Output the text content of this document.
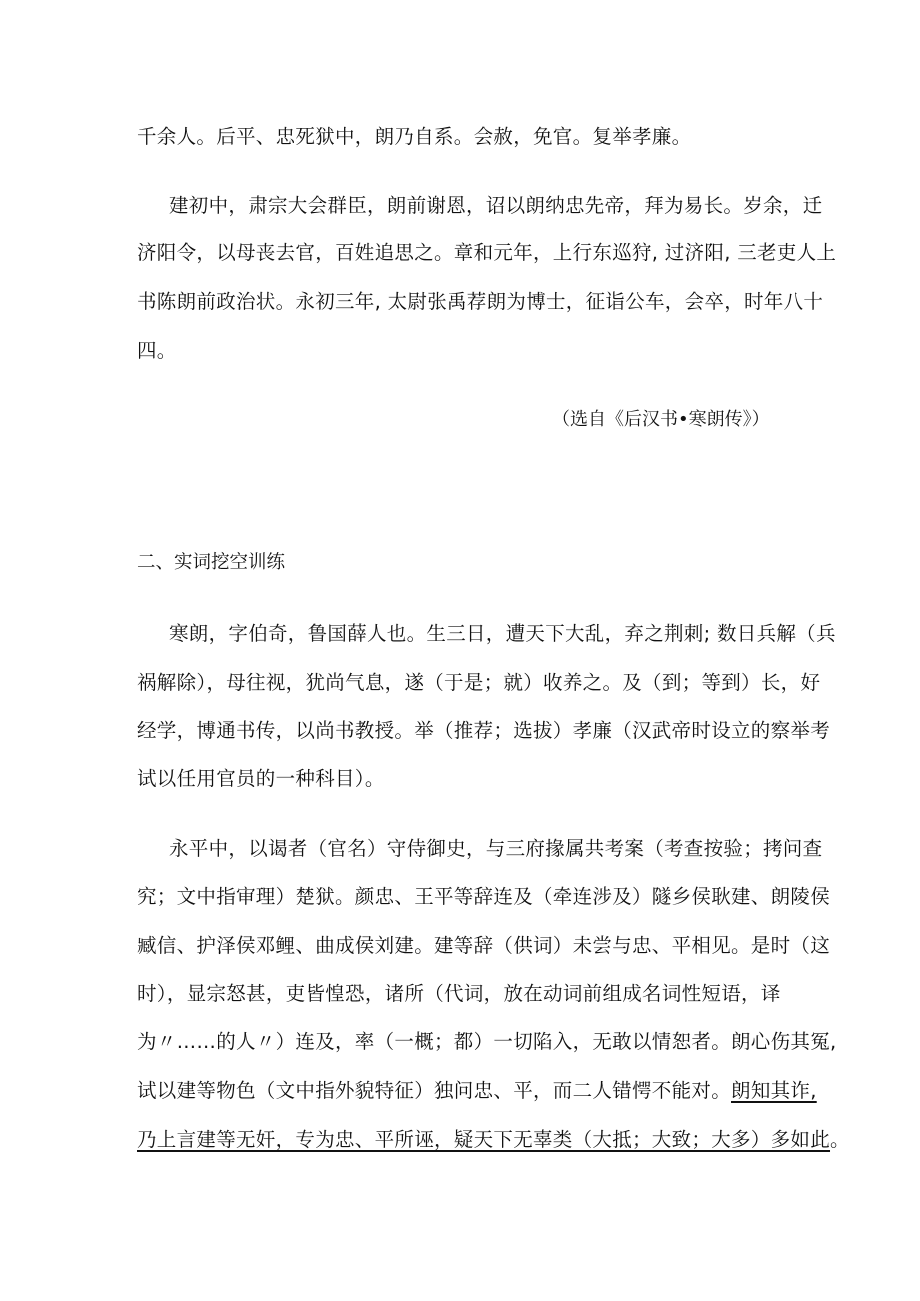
千余人。后平、忠死狱中，朗乃自系。会赦，免官。复举孝廉。
建初中，肃宗大会群臣，朗前谢恩，诏以朗纳忠先帝，拜为易长。岁余，迁
济阳令，以母丧去官，百姓追思之。章和元年，上行东巡狩, 过济阳, 三老吏人上
书陈朗前政治状。永初三年, 太尉张禹荐朗为博士，征诣公车，会卒，时年八十
四。
（选自《后汉书•寒朗传》）
二、实词挖空训练
寒朗，字伯奇，鲁国薛人也。生三日，遭天下大乱，弃之荆刺; 数日兵解（兵
祸解除），母往视，犹尚气息，遂（于是；就）收养之。及（到；等到）长，好
经学，博通书传，以尚书教授。举（推荐；选拔）孝廉（汉武帝时设立的察举考
试以任用官员的一种科目）。
永平中，以谒者（官名）守侍御史，与三府掾属共考案（考查按验；拷问查
究；文中指审理）楚狱。颜忠、王平等辞连及（牵连涉及）隧乡侯耿建、朗陵侯
臧信、护泽侯邓鲤、曲成侯刘建。建等辞（供词）未尝与忠、平相见。是时（这
时），显宗怒甚，吏皆惶恐，诸所（代词，放在动词前组成名词性短语，译
为〃……的人〃）连及，率（一概；都）一切陷入，无敢以情恕者。朗心伤其冤,
试以建等物色（文中指外貌特征）独问忠、平，而二人错愕不能对。朗知其诈,
乃上言建等无奸，专为忠、平所诬，疑天下无辜类（大抵；大致；大多）多如此。
